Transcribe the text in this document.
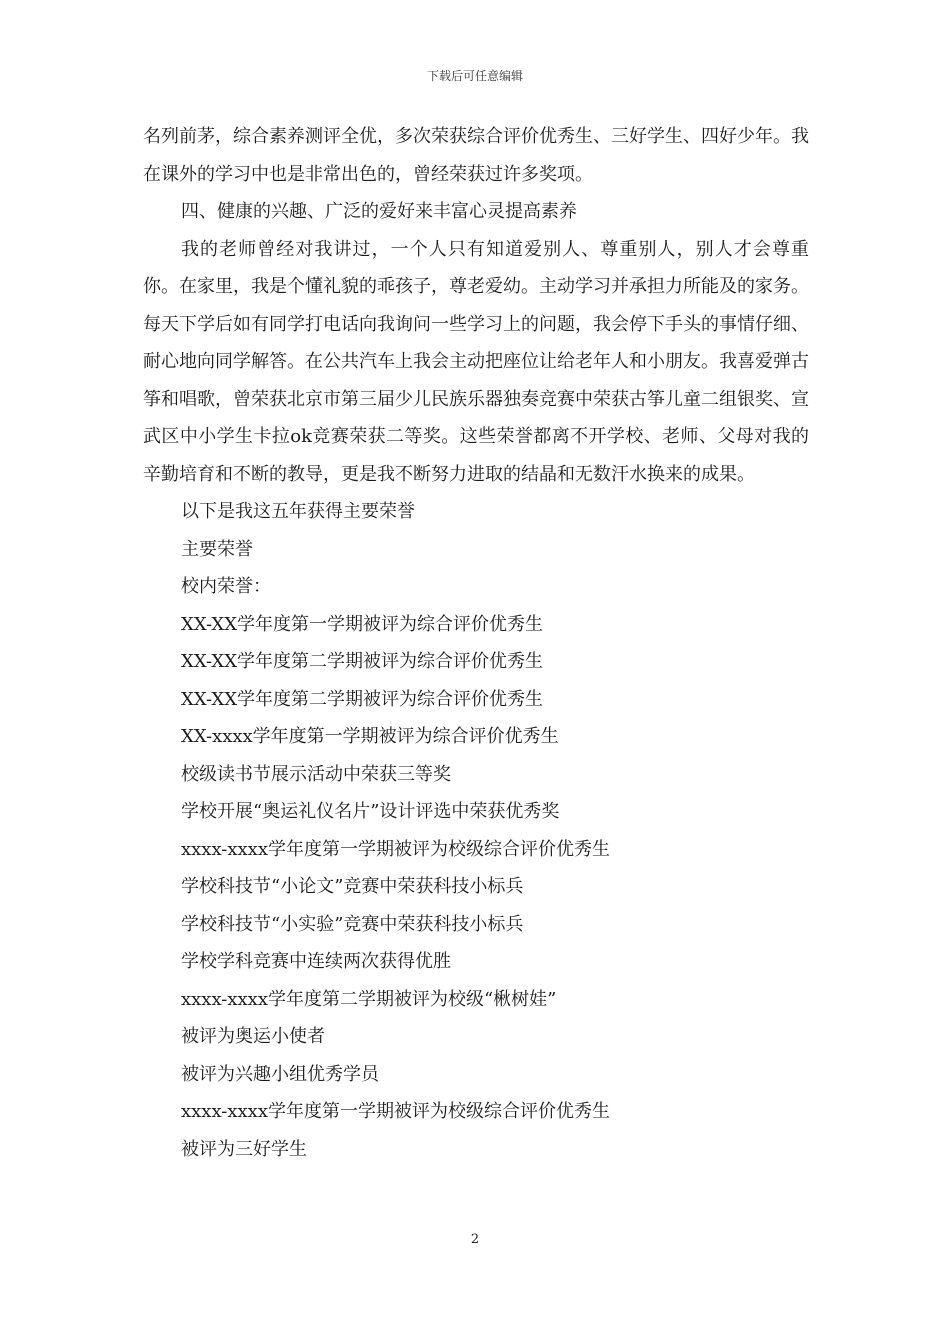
下载后可任意编辑

名列前茅，综合素养测评全优，多次荣获综合评价优秀生、三好学生、四好少年。我在课外的学习中也是非常出色的，曾经荣获过许多奖项。

四、健康的兴趣、广泛的爱好来丰富心灵提高素养

我的老师曾经对我讲过，一个人只有知道爱别人、尊重别人，别人才会尊重你。在家里，我是个懂礼貌的乖孩子，尊老爱幼。主动学习并承担力所能及的家务。每天下学后如有同学打电话向我询问一些学习上的问题，我会停下手头的事情仔细、耐心地向同学解答。在公共汽车上我会主动把座位让给老年人和小朋友。我喜爱弹古筝和唱歌，曾荣获北京市第三届少儿民族乐器独奏竞赛中荣获古筝儿童二组银奖、宣武区中小学生卡拉ok竞赛荣获二等奖。这些荣誉都离不开学校、老师、父母对我的辛勤培育和不断的教导，更是我不断努力进取的结晶和无数汗水换来的成果。

以下是我这五年获得主要荣誉

主要荣誉

校内荣誉：

XX-XX学年度第一学期被评为综合评价优秀生

XX-XX学年度第二学期被评为综合评价优秀生

XX-XX学年度第二学期被评为综合评价优秀生

XX-xxxx学年度第一学期被评为综合评价优秀生

校级读书节展示活动中荣获三等奖

学校开展“奥运礼仪名片”设计评选中荣获优秀奖

xxxx-xxxx学年度第一学期被评为校级综合评价优秀生

学校科技节“小论文”竞赛中荣获科技小标兵

学校科技节“小实验”竞赛中荣获科技小标兵

学校学科竞赛中连续两次获得优胜

xxxx-xxxx学年度第二学期被评为校级“楸树娃”

被评为奥运小使者

被评为兴趣小组优秀学员

xxxx-xxxx学年度第一学期被评为校级综合评价优秀生

被评为三好学生

2
